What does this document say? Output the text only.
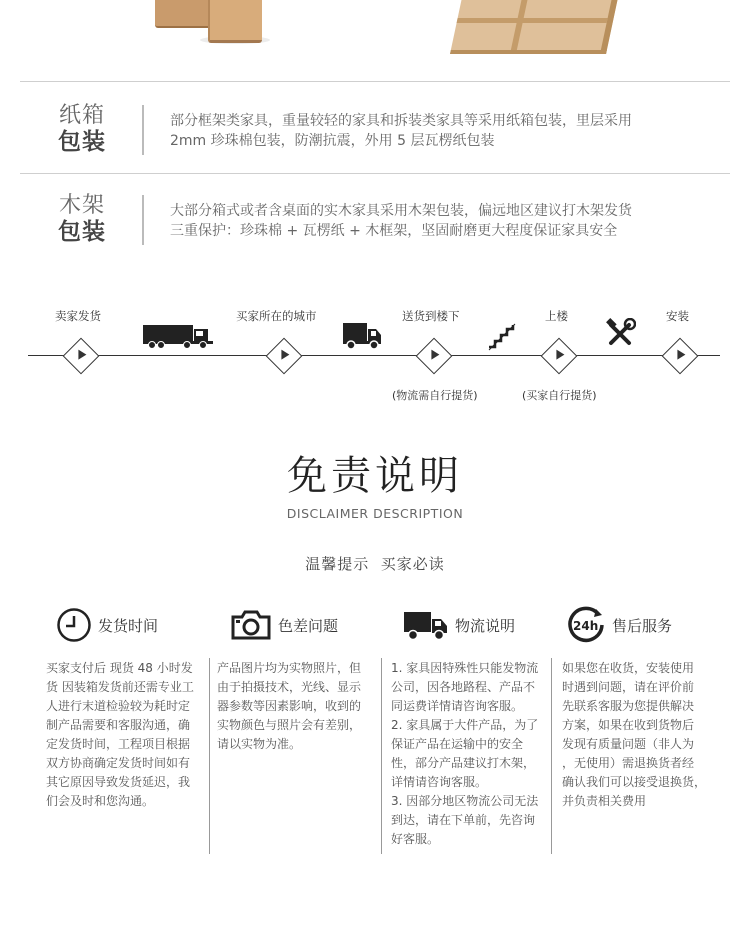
纸箱
包装
部分框架类家具，重量较轻的家具和拆装类家具等采用纸箱包装，里层采用
2mm 珍珠棉包装，防潮抗震，外用 5 层瓦楞纸包装
木架
包装
大部分箱式或者含桌面的实木家具采用木架包装，偏远地区建议打木架发货
三重保护：珍珠棉 + 瓦楞纸 + 木框架，坚固耐磨更大程度保证家具安全
卖家发货	买家所在的城市	送货到楼下	上楼	安装
(物流需自行提货)	(买家自行提货)
免责说明
DISCLAIMER DESCRIPTION
温馨提示  买家必读
发货时间
买家支付后 现货 48 小时发
货 因装箱发货前还需专业工
人进行末道检验较为耗时定
制产品需要和客服沟通，确
定发货时间，工程项目根据
双方协商确定发货时间如有
其它原因导致发货延迟，我
们会及时和您沟通。
色差问题
产品图片均为实物照片，但
由于拍摄技术，光线、显示
器参数等因素影响，收到的
实物颜色与照片会有差别，
请以实物为准。
物流说明
1. 家具因特殊性只能发物流
公司，因各地路程、产品不
同运费详情请咨询客服。
2. 家具属于大件产品，为了
保证产品在运输中的安全
性，部分产品建议打木架，
详情请咨询客服。
3. 因部分地区物流公司无法
到达，请在下单前，先咨询
好客服。
24h 售后服务
如果您在收货，安装使用
时遇到问题，请在评价前
先联系客服为您提供解决
方案，如果在收到货物后
发现有质量问题（非人为
，无使用）需退换货者经
确认我们可以接受退换货，
并负责相关费用
